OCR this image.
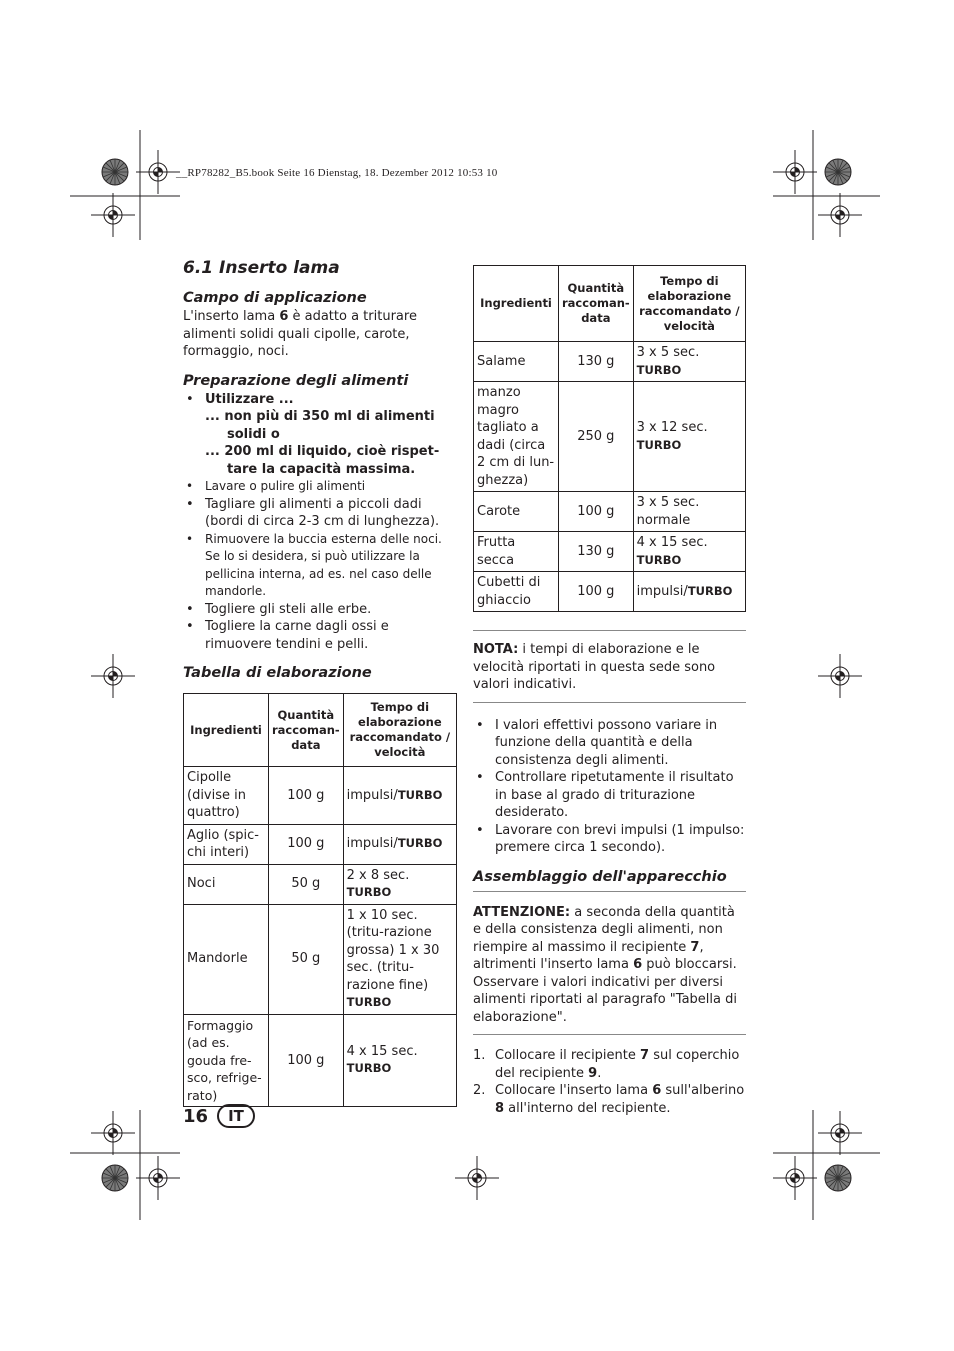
__RP78282_B5.book Seite 16 Dienstag, 18. Dezember 2012 10:53 10
6.1 Inserto lama
Campo di applicazione

L'inserto lama 6 è adatto a triturare alimenti solidi quali cipolle, carote, formaggio, noci.

Preparazione degli alimenti
• Utilizzare ...
... non più di 350 ml di alimenti
solidi o
... 200 ml di liquido, cioè rispet-
tare la capacità massima.
• Lavare o pulire gli alimenti
• Tagliare gli alimenti a piccoli dadi (bordi di circa 2-3 cm di lunghezza).
• Rimuovere la buccia esterna delle noci. Se lo si desidera, si può utilizzare la pellicina interna, ad es. nel caso delle mandorle.
• Togliere gli steli alle erbe.
• Togliere la carne dagli ossi e rimuovere tendini e pelli.
Tabella di elaborazione
Ingredienti	Quantità raccoman-data	Tempo di elaborazione raccomandato / velocità
Cipolle (divise in quattro)	100 g	impulsi/TURBO
Aglio (spic-chi interi)	100 g	impulsi/TURBO
Noci	50 g	2 x 8 sec.
TURBO
Mandorle	50 g	1 x 10 sec. (tritu-razione grossa) 1 x 30 sec. (tritu-razione fine)
TURBO
Formaggio (ad es. gouda fre-sco, refrige-rato)	100 g	4 x 15 sec.
TURBO
Ingredienti	Quantità raccoman-data	Tempo di elaborazione raccomandato / velocità
Salame	130 g	3 x 5 sec.
TURBO
manzo magro tagliato a dadi (circa 2 cm di lun-ghezza)	250 g	3 x 12 sec.
TURBO
Carote	100 g	3 x 5 sec. normale
Frutta secca	130 g	4 x 15 sec.
TURBO
Cubetti di ghiaccio	100 g	impulsi/TURBO

NOTA: i tempi di elaborazione e le velocità riportati in questa sede sono valori indicativi.

• I valori effettivi possono variare in funzione della quantità e della consistenza degli alimenti.
• Controllare ripetutamente il risultato in base al grado di triturazione desiderato.
• Lavorare con brevi impulsi (1 impulso: premere circa 1 secondo).
Assemblaggio dell'apparecchio

ATTENZIONE: a seconda della quantità e della consistenza degli alimenti, non riempire al massimo il recipiente 7, altrimenti l'inserto lama 6 può bloccarsi. Osservare i valori indicativi per diversi alimenti riportati al paragrafo "Tabella di elaborazione".

1. Collocare il recipiente 7 sul coperchio del recipiente 9.
2. Collocare l'inserto lama 6 sull'alberino 8 all'interno del recipiente.
16	IT
